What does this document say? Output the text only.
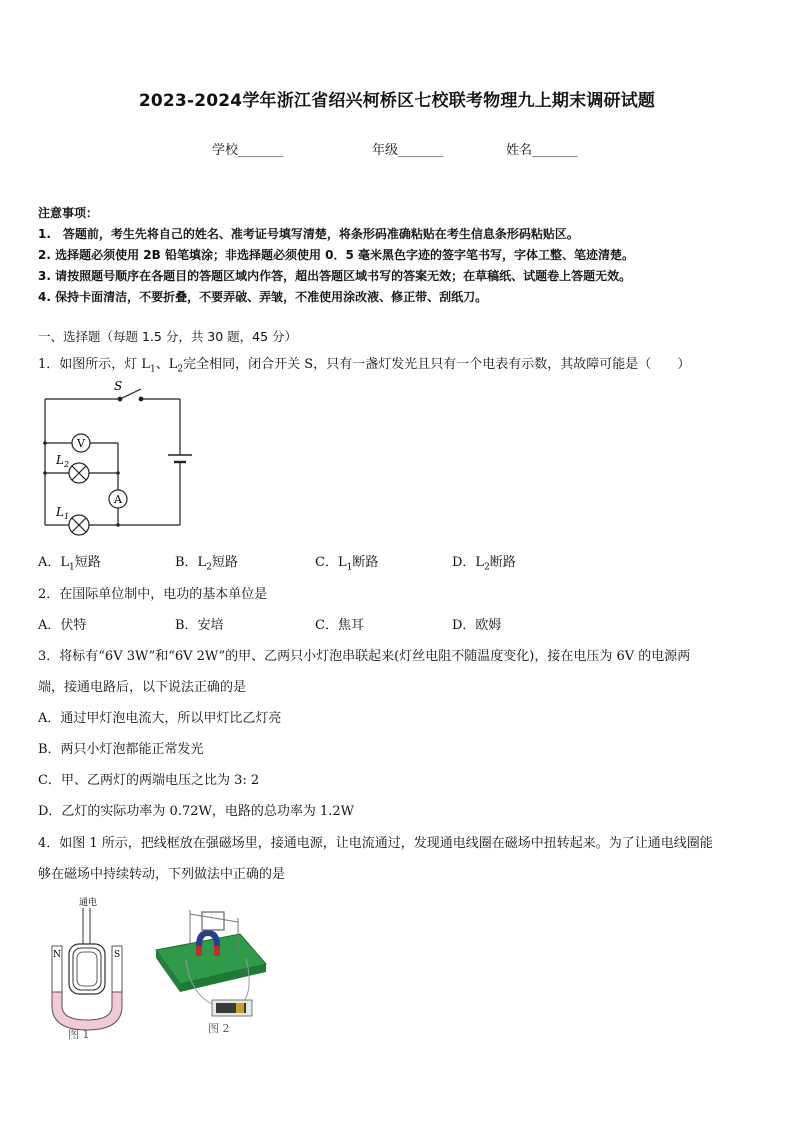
2023-2024学年浙江省绍兴柯桥区七校联考物理九上期末调研试题
学校_______	年级_______	姓名_______
注意事项：
1.　答题前，考生先将自己的姓名、准考证号填写清楚，将条形码准确粘贴在考生信息条形码粘贴区。
2. 选择题必须使用 2B 铅笔填涂；非选择题必须使用 0．5 毫米黑色字迹的签字笔书写，字体工整、笔迹清楚。
3. 请按照题号顺序在各题目的答题区域内作答，超出答题区域书写的答案无效；在草稿纸、试题卷上答题无效。
4. 保持卡面清洁，不要折叠，不要弄破、弄皱，不准使用涂改液、修正带、刮纸刀。
一、选择题（每题 1.5 分，共 30 题，45 分）
1．如图所示，灯 $L_1$、$L_2$完全相同，闭合开关 S，只有一盏灯发光且只有一个电表有示数，其故障可能是（　　）
V
$L_2$
A
$L_1$
S
A．$L_1$短路	B．$L_2$短路	C．$L_1$断路	D．$L_2$断路
2．在国际单位制中，电功的基本单位是
A．伏特	B．安培	C．焦耳	D．欧姆
3．将标有“6V 3W”和“6V 2W”的甲、乙两只小灯泡串联起来(灯丝电阻不随温度变化)，接在电压为 6V 的电源两
端，接通电路后，以下说法正确的是
A．通过甲灯泡电流大，所以甲灯比乙灯亮
B．两只小灯泡都能正常发光
C．甲、乙两灯的两端电压之比为 3: 2
D．乙灯的实际功率为 0.72W，电路的总功率为 1.2W
4．如图 1 所示，把线框放在强磁场里，接通电源，让电流通过，发现通电线圈在磁场中扭转起来。为了让通电线圈能
够在磁场中持续转动，下列做法中正确的是
通电
N	S
图 1	图 2
